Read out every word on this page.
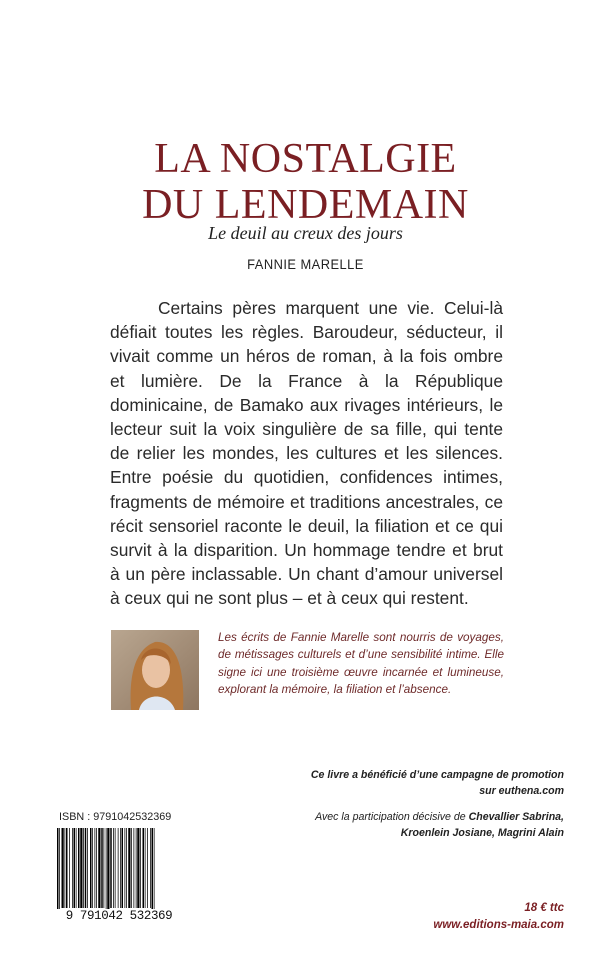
LA NOSTALGIE
DU LENDEMAIN
Le deuil au creux des jours
FANNIE MARELLE
Certains pères marquent une vie. Celui-là défiait toutes les règles. Baroudeur, séducteur, il vivait comme un héros de roman, à la fois ombre et lumière. De la France à la République dominicaine, de Bamako aux rivages intérieurs, le lecteur suit la voix singulière de sa fille, qui tente de relier les mondes, les cultures et les silences. Entre poésie du quotidien, confidences intimes, fragments de mémoire et traditions ancestrales, ce récit sensoriel raconte le deuil, la filiation et ce qui survit à la disparition. Un hommage tendre et brut à un père inclassable. Un chant d’amour universel à ceux qui ne sont plus – et à ceux qui restent.
Les écrits de Fannie Marelle sont nourris de voyages, de métissages culturels et d’une sensibilité intime. Elle signe ici une troisième œuvre incarnée et lumineuse, explorant la mémoire, la filiation et l’absence.
Ce livre a bénéficié d’une campagne de promotion
sur euthena.com
Avec la participation décisive de Chevallier Sabrina,
Kroenlein Josiane, Magrini Alain
ISBN : 9791042532369
9 791042 532369
18 € ttc
www.editions-maia.com
